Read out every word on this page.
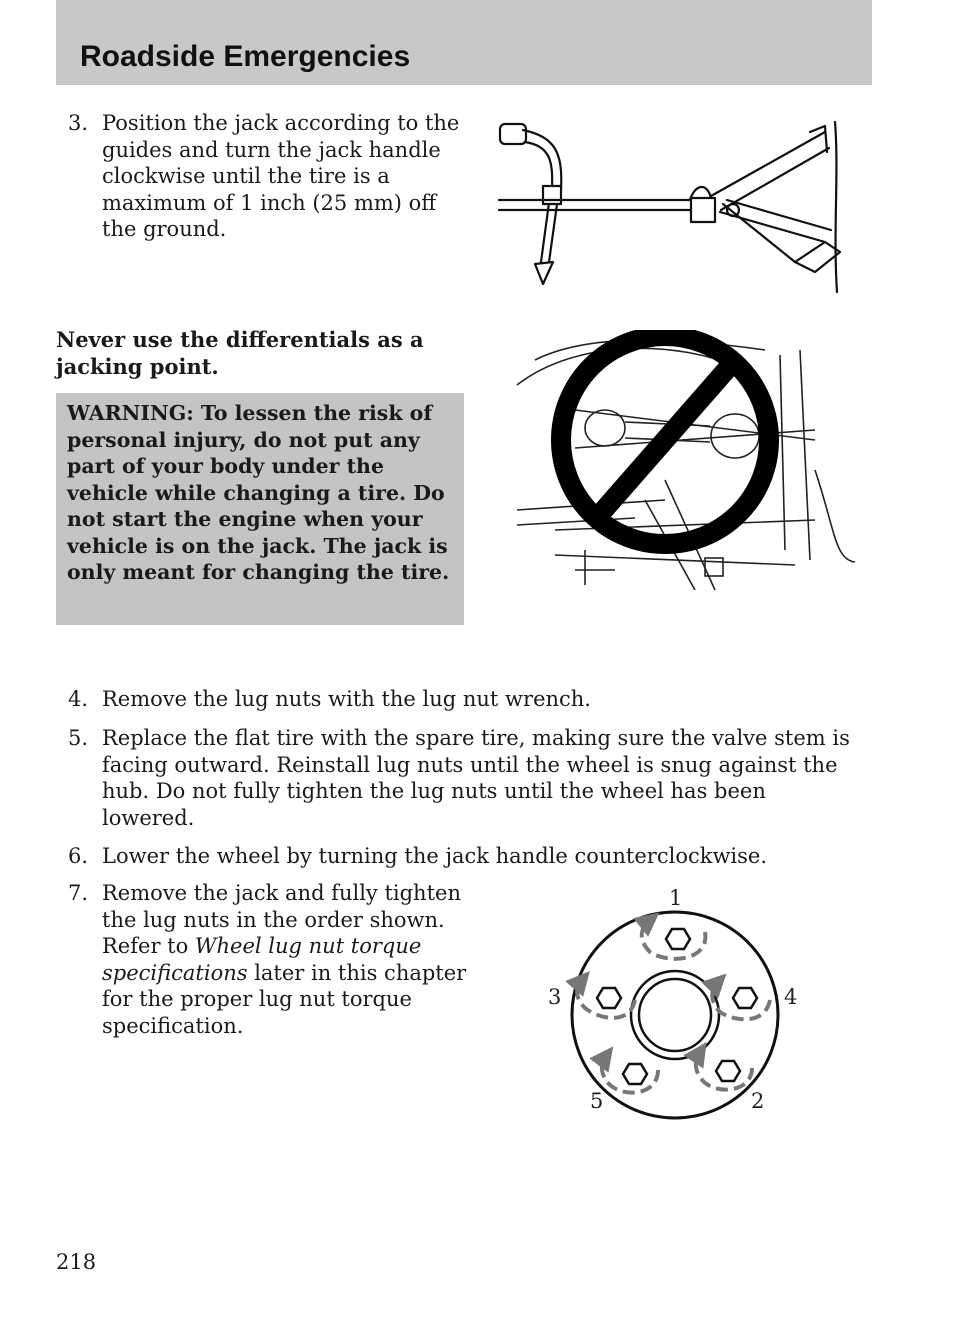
Roadside Emergencies
3. Position the jack according to the guides and turn the jack handle clockwise until the tire is a maximum of 1 inch (25 mm) off the ground.
Never use the differentials as a jacking point.

WARNING: To lessen the risk of personal injury, do not put any part of your body under the vehicle while changing a tire. Do not start the engine when your vehicle is on the jack. The jack is only meant for changing the tire.

4. Remove the lug nuts with the lug nut wrench.
5. Replace the flat tire with the spare tire, making sure the valve stem is facing outward. Reinstall lug nuts until the wheel is snug against the hub. Do not fully tighten the lug nuts until the wheel has been lowered.
6. Lower the wheel by turning the jack handle counterclockwise.
7. Remove the jack and fully tighten the lug nuts in the order shown. Refer to Wheel lug nut torque specifications later in this chapter for the proper lug nut torque specification.
1
3	4
5	2
218
